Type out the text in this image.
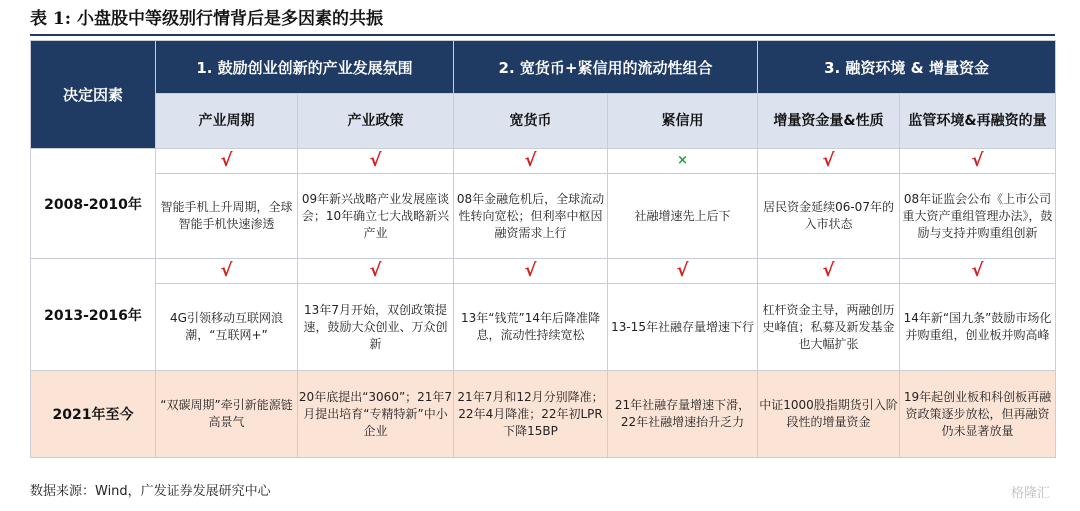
表 1: 小盘股中等级别行情背后是多因素的共振
决定因素	1. 鼓励创业创新的产业发展氛围		2. 宽货币+紧信用的流动性组合		3. 融资环境 & 增量资金	
	产业周期	产业政策	宽货币	紧信用	增量资金量&性质	监管环境&再融资的量
2008-2010年	√	√	√	×	√	√
	智能手机上升周期，全球智能手机快速渗透	09年新兴战略产业发展座谈会；10年确立七大战略新兴产业	08年金融危机后，全球流动性转向宽松；但利率中枢因融资需求上行	社融增速先上后下	居民资金延续06-07年的入市状态	08年证监会公布《上市公司重大资产重组管理办法》，鼓励与支持并购重组创新
2013-2016年	√	√	√	√	√	√
	4G引领移动互联网浪潮，“互联网+”	13年7月开始，双创政策提速，鼓励大众创业、万众创新	13年“钱荒”14年后降准降息，流动性持续宽松	13-15年社融存量增速下行	杠杆资金主导，两融创历史峰值；私募及新发基金也大幅扩张	14年新“国九条”鼓励市场化并购重组，创业板并购高峰
2021年至今	“双碳周期”牵引新能源链高景气	20年底提出“3060”；21年7月提出培育“专精特新”中小企业	21年7月和12月分别降准；22年4月降准；22年初LPR下降15BP	21年社融存量增速下滑，22年社融增速抬升乏力	中证1000股指期货引入阶段性的增量资金	19年起创业板和科创板再融资政策逐步放松，但再融资仍未显著放量
数据来源：Wind，广发证券发展研究中心	格隆汇
